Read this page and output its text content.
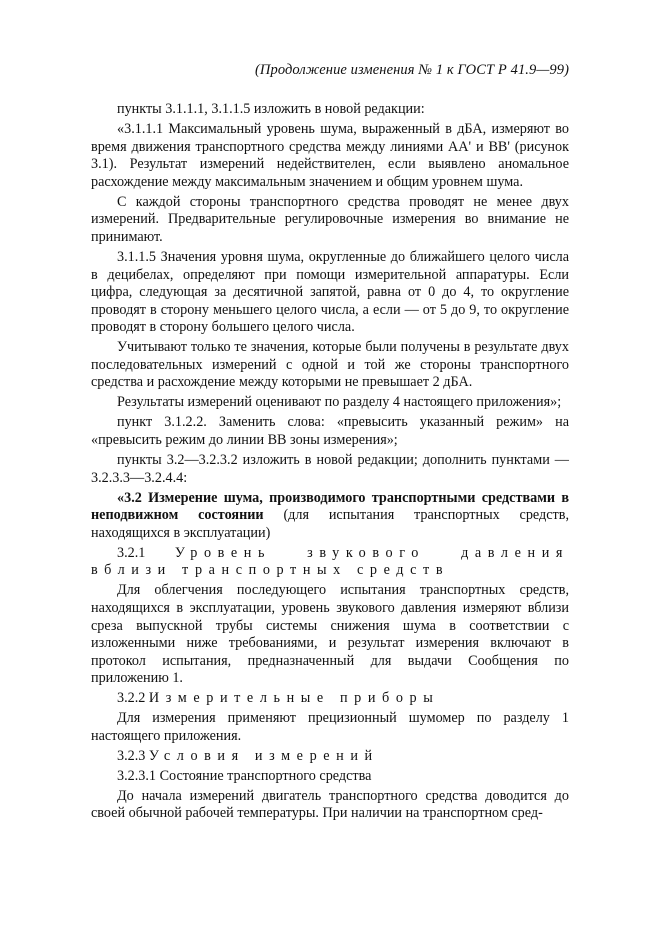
(Продолжение изменения № 1 к ГОСТ Р 41.9—99)

пункты 3.1.1.1, 3.1.1.5 изложить в новой редакции:

«3.1.1.1 Максимальный уровень шума, выраженный в дБА, измеряют во время движения транспортного средства между линиями АА' и ВВ' (рисунок 3.1). Результат измерений недействителен, если выявлено аномальное расхождение между максимальным значением и общим уровнем шума.

С каждой стороны транспортного средства проводят не менее двух измерений. Предварительные регулировочные измерения во внимание не принимают.

3.1.1.5 Значения уровня шума, округленные до ближайшего целого числа в децибелах, определяют при помощи измерительной аппаратуры. Если цифра, следующая за десятичной запятой, равна от 0 до 4, то округление проводят в сторону меньшего целого числа, а если — от 5 до 9, то округление проводят в сторону большего целого числа.

Учитывают только те значения, которые были получены в результате двух последовательных измерений с одной и той же стороны транспортного средства и расхождение между которыми не превышает 2 дБА.

Результаты измерений оценивают по разделу 4 настоящего приложения»;

пункт 3.1.2.2. Заменить слова: «превысить указанный режим» на «превысить режим до линии ВВ зоны измерения»;

пункты 3.2—3.2.3.2 изложить в новой редакции; дополнить пунктами — 3.2.3.3—3.2.4.4:

«3.2 Измерение шума, производимого транспортными средствами в неподвижном состоянии (для испытания транспортных средств, находящихся в эксплуатации)

3.2.1 Уровень звукового давления вблизи транспортных средств

Для облегчения последующего испытания транспортных средств, находящихся в эксплуатации, уровень звукового давления измеряют вблизи среза выпускной трубы системы снижения шума в соответствии с изложенными ниже требованиями, и результат измерения включают в протокол испытания, предназначенный для выдачи Сообщения по приложению 1.

3.2.2 Измерительные приборы

Для измерения применяют прецизионный шумомер по разделу 1 настоящего приложения.

3.2.3 Условия измерений

3.2.3.1 Состояние транспортного средства

До начала измерений двигатель транспортного средства доводится до своей обычной рабочей температуры. При наличии на транспортном сред-
